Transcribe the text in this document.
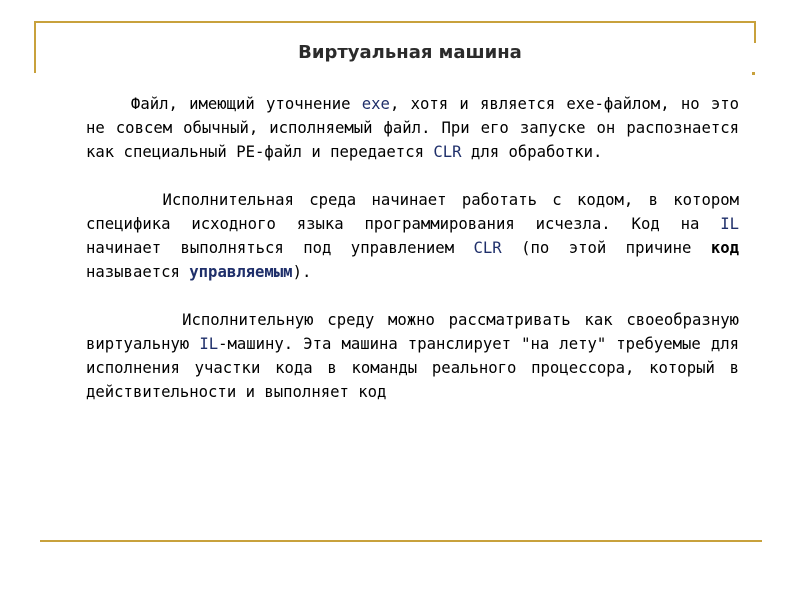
Виртуальная машина

Файл, имеющий уточнение exe, хотя и является exe-файлом, но это не совсем обычный, исполняемый файл. При его запуске он распознается как специальный PE-файл и передается CLR для обработки.

Исполнительная среда начинает работать с кодом, в котором специфика исходного языка программирования исчезла. Код на IL начинает выполняться под управлением CLR (по этой причине код называется управляемым).

Исполнительную среду можно рассматривать как своеобразную виртуальную IL-машину. Эта машина транслирует "на лету" требуемые для исполнения участки кода в команды реального процессора, который в действительности и выполняет код
